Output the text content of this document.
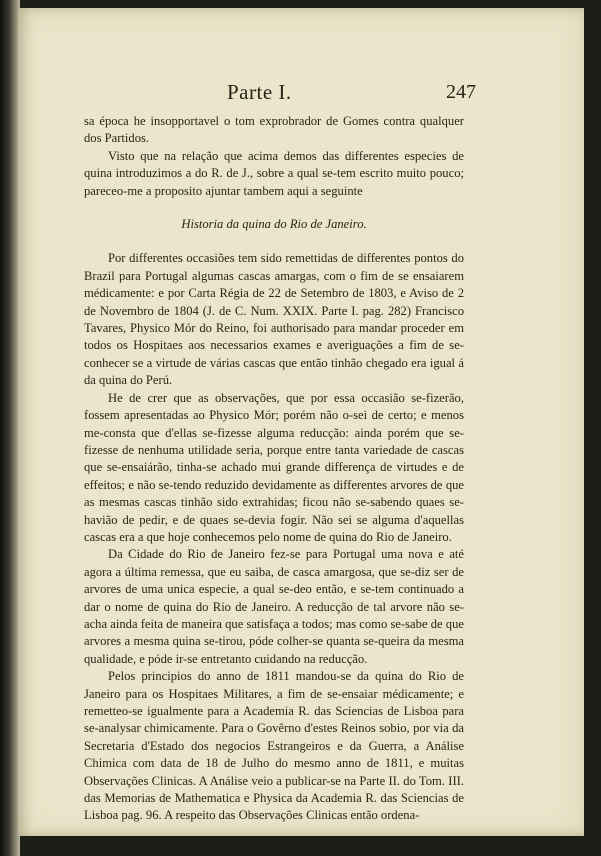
Parte I.	247

sa época he insopportavel o tom exprobrador de Gomes contra qualquer dos Partidos.

Visto que na relação que acima demos das differentes especies de quina introduzimos a do R. de J., sobre a qual se-tem escrito muito pouco; pareceo-me a proposito ajuntar tambem aqui a seguinte

Historia da quina do Rio de Janeiro.

Por differentes occasiões tem sido remettidas de differentes pontos do Brazil para Portugal algumas cascas amargas, com o fim de se ensaiarem médicamente: e por Carta Régia de 22 de Setembro de 1803, e Aviso de 2 de Novembro de 1804 (J. de C. Num. XXIX. Parte I. pag. 282) Francisco Tavares, Physico Mór do Reino, foi authorisado para mandar proceder em todos os Hospitaes aos necessarios exames e averiguações a fim de se-conhecer se a virtude de várias cascas que então tinhão chegado era igual á da quina do Perú.

He de crer que as observações, que por essa occasião se-fizerão, fossem apresentadas ao Physico Mór; porém não o-sei de certo; e menos me-consta que d'ellas se-fizesse alguma reducção: ainda porém que se-fizesse de nenhuma utilidade seria, porque entre tanta variedade de cascas que se-ensaiárão, tinha-se achado mui grande differença de virtudes e de effeitos; e não se-tendo reduzido devidamente as differentes arvores de que as mesmas cascas tinhão sido extrahidas; ficou não se-sabendo quaes se-havião de pedir, e de quaes se-devia fogir. Não sei se alguma d'aquellas cascas era a que hoje conhecemos pelo nome de quina do Rio de Janeiro.

Da Cidade do Rio de Janeiro fez-se para Portugal uma nova e até agora a última remessa, que eu saiba, de casca amargosa, que se-diz ser de arvores de uma unica especie, a qual se-deo então, e se-tem continuado a dar o nome de quina do Rio de Janeiro. A reducção de tal arvore não se-acha ainda feita de maneira que satisfaça a todos; mas como se-sabe de que arvores a mesma quina se-tirou, póde colher-se quanta se-queira da mesma qualidade, e póde ir-se entretanto cuidando na reducção.

Pelos principios do anno de 1811 mandou-se da quina do Rio de Janeiro para os Hospitaes Militares, a fim de se-ensaiar médicamente; e remetteo-se igualmente para a Academia R. das Sciencias de Lisboa para se-analysar chimicamente. Para o Govêrno d'estes Reinos sobio, por via da Secretaria d'Estado dos negocios Estrangeiros e da Guerra, a Análise Chimica com data de 18 de Julho do mesmo anno de 1811, e muitas Observações Clinicas. A Análise veio a publicar-se na Parte II. do Tom. III. das Memorias de Mathematica e Physica da Academia R. das Sciencias de Lisboa pag. 96. A respeito das Observações Clinicas então ordena-
